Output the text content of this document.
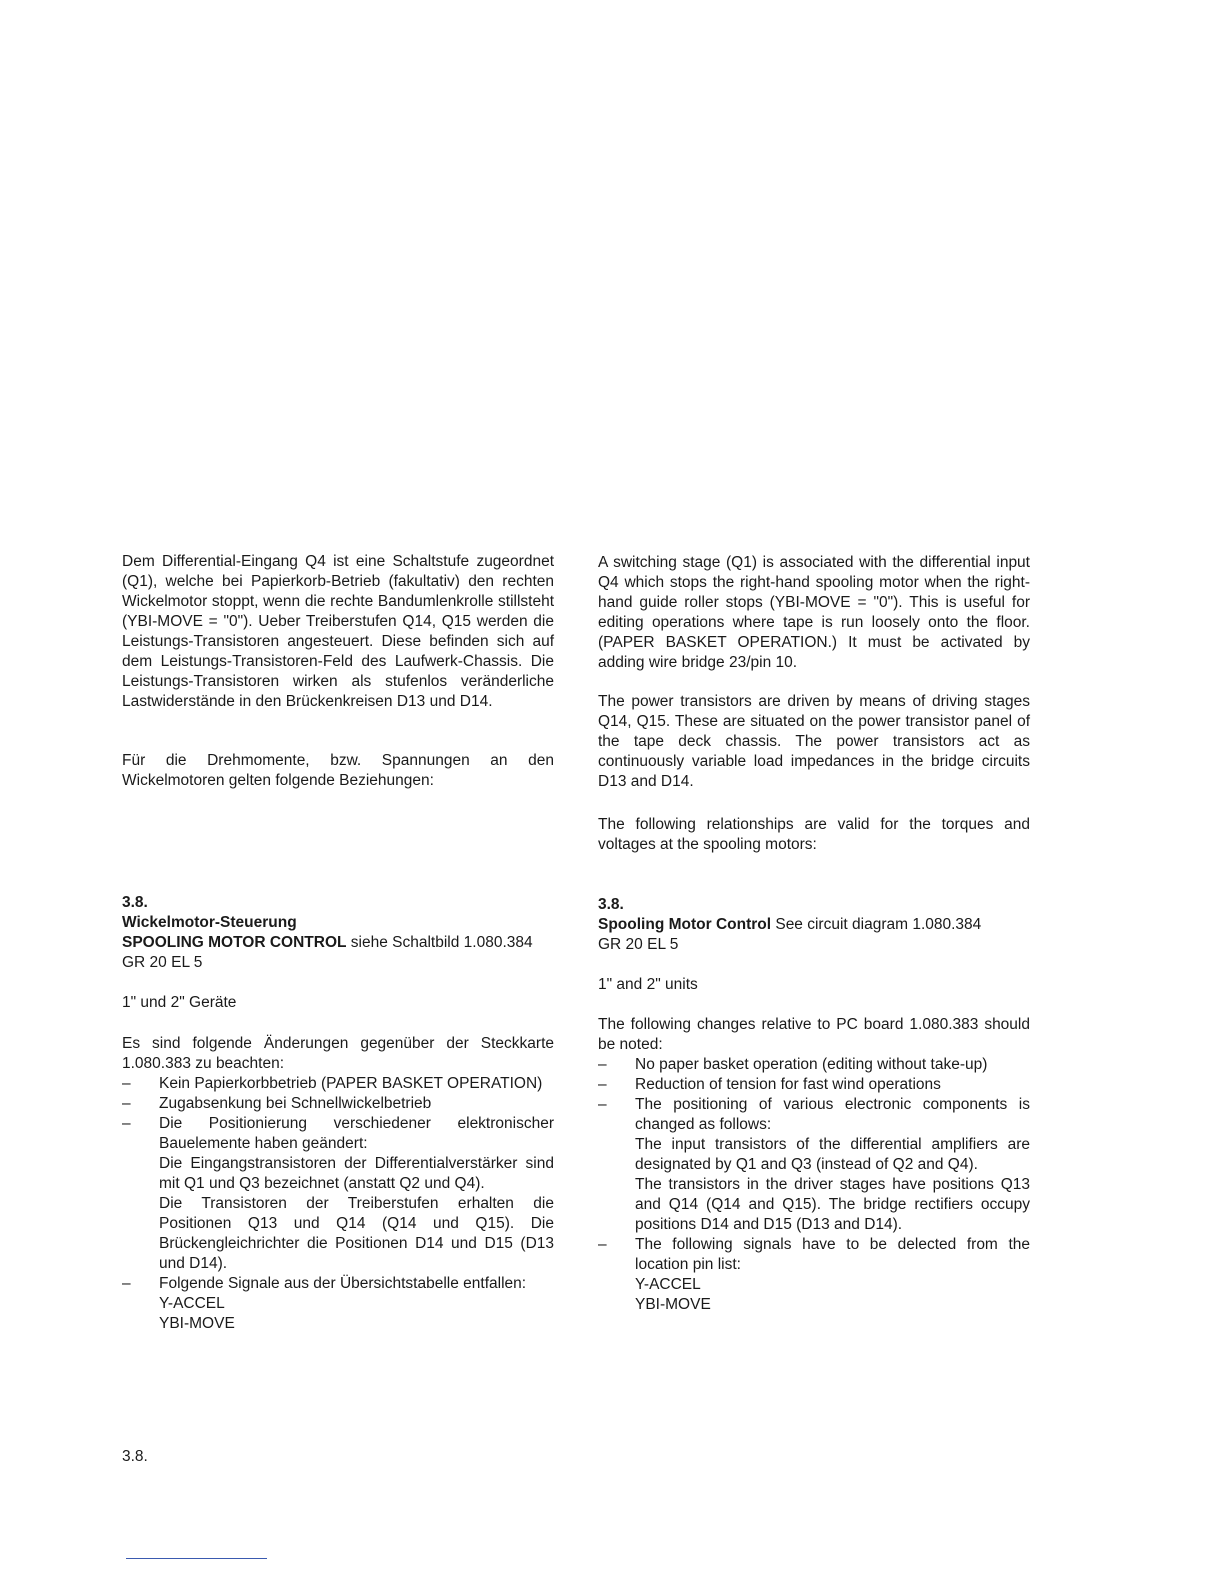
Dem Differential-Eingang Q4 ist eine Schaltstufe zugeordnet (Q1), welche bei Papierkorb-Betrieb (fakultativ) den rechten Wickelmotor stoppt, wenn die rechte Bandumlenkrolle stillsteht (YBI-MOVE = "0"). Ueber Treiberstufen Q14, Q15 werden die Leistungs-Transistoren angesteuert. Diese befinden sich auf dem Leistungs-Transistoren-Feld des Laufwerk-Chassis. Die Leistungs-Transistoren wirken als stufenlos veränderliche Lastwiderstände in den Brückenkreisen D13 und D14.

Für die Drehmomente, bzw. Spannungen an den Wickelmotoren gelten folgende Beziehungen:

3.8.
Wickelmotor-Steuerung
SPOOLING MOTOR CONTROL siehe Schaltbild 1.080.384
GR 20 EL 5

1" und 2" Geräte

Es sind folgende Änderungen gegenüber der Steckkarte 1.080.383 zu beachten:

– Kein Papierkorbbetrieb (PAPER BASKET OPERATION)
– Zugabsenkung bei Schnellwickelbetrieb
– Die Positionierung verschiedener elektronischer Bauelemente haben geändert:
Die Eingangstransistoren der Differentialverstärker sind mit Q1 und Q3 bezeichnet (anstatt Q2 und Q4).
Die Transistoren der Treiberstufen erhalten die Positionen Q13 und Q14 (Q14 und Q15). Die Brückengleichrichter die Positionen D14 und D15 (D13 und D14).
– Folgende Signale aus der Übersichtstabelle entfallen:
Y-ACCEL
YBI-MOVE

A switching stage (Q1) is associated with the differential input Q4 which stops the right-hand spooling motor when the right-hand guide roller stops (YBI-MOVE = "0"). This is useful for editing operations where tape is run loosely onto the floor. (PAPER BASKET OPERATION.) It must be activated by adding wire bridge 23/pin 10.

The power transistors are driven by means of driving stages Q14, Q15. These are situated on the power transistor panel of the tape deck chassis. The power transistors act as continuously variable load impedances in the bridge circuits D13 and D14.

The following relationships are valid for the torques and voltages at the spooling motors:

3.8.
Spooling Motor Control See circuit diagram 1.080.384
GR 20 EL 5

1" and 2" units

The following changes relative to PC board 1.080.383 should be noted:

– No paper basket operation (editing without take-up)
– Reduction of tension for fast wind operations
– The positioning of various electronic components is changed as follows:
The input transistors of the differential amplifiers are designated by Q1 and Q3 (instead of Q2 and Q4).
The transistors in the driver stages have positions Q13 and Q14 (Q14 and Q15). The bridge rectifiers occupy positions D14 and D15 (D13 and D14).
– The following signals have to be delected from the location pin list:
Y-ACCEL
YBI-MOVE
3.8.
